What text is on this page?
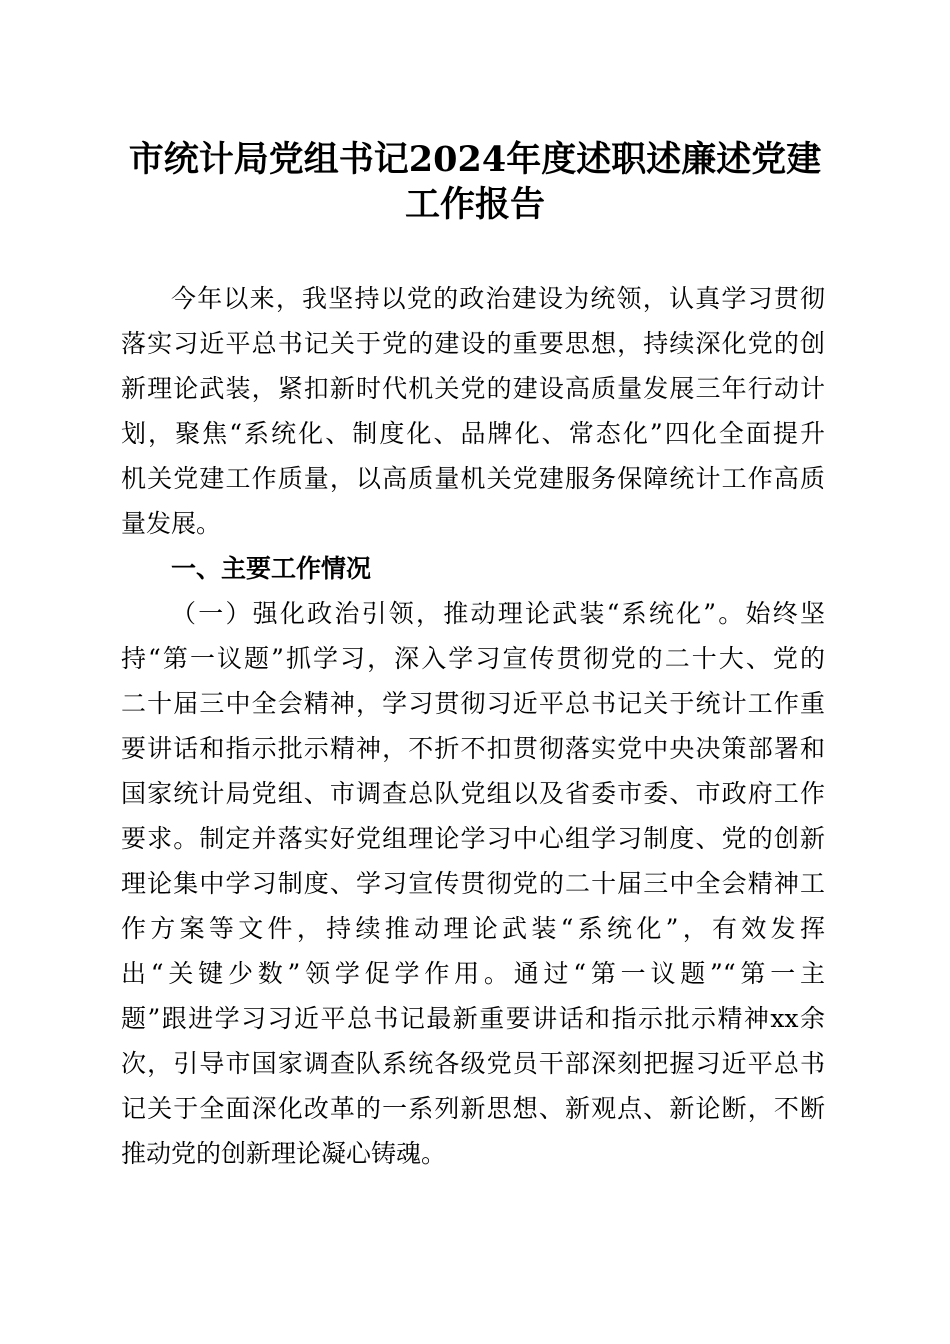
市统计局党组书记2024年度述职述廉述党建
工作报告
今年以来，我坚持以党的政治建设为统领，认真学习贯彻
落实习近平总书记关于党的建设的重要思想，持续深化党的创
新理论武装，紧扣新时代机关党的建设高质量发展三年行动计
划，聚焦“系统化、制度化、品牌化、常态化”四化全面提升
机关党建工作质量，以高质量机关党建服务保障统计工作高质
量发展。
一、主要工作情况
（一）强化政治引领，推动理论武装“系统化”。始终坚
持“第一议题”抓学习，深入学习宣传贯彻党的二十大、党的
二十届三中全会精神，学习贯彻习近平总书记关于统计工作重
要讲话和指示批示精神，不折不扣贯彻落实党中央决策部署和
国家统计局党组、市调查总队党组以及省委市委、市政府工作
要求。制定并落实好党组理论学习中心组学习制度、党的创新
理论集中学习制度、学习宣传贯彻党的二十届三中全会精神工
作方案等文件，持续推动理论武装“系统化”，有效发挥
出“关键少数”领学促学作用。通过“第一议题”“第一主
题”跟进学习习近平总书记最新重要讲话和指示批示精神xx余
次，引导市国家调查队系统各级党员干部深刻把握习近平总书
记关于全面深化改革的一系列新思想、新观点、新论断，不断
推动党的创新理论凝心铸魂。
